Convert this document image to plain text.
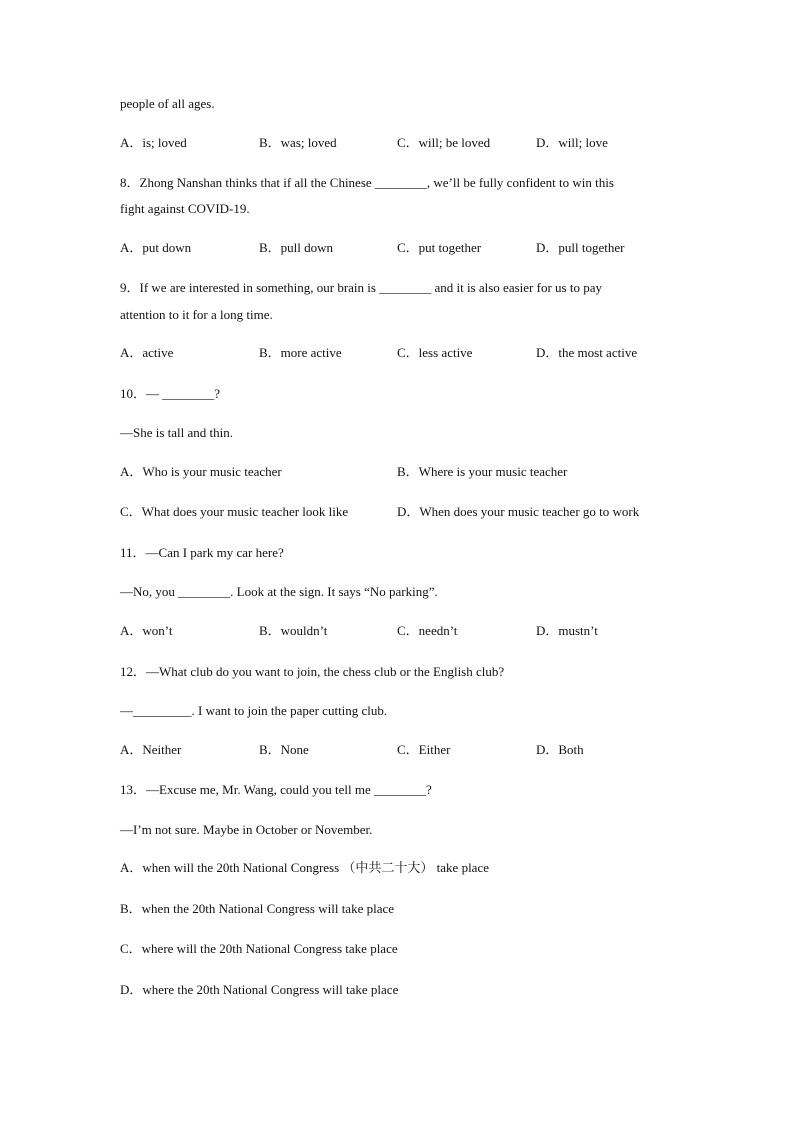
people of all ages.
A．is; loved	B．was; loved	C．will; be loved	D．will; love
8．Zhong Nanshan thinks that if all the Chinese ________, we’ll be fully confident to win this
fight against COVID-19.
A．put down	B．pull down	C．put together	D．pull together
9．If we are interested in something, our brain is ________ and it is also easier for us to pay
attention to it for a long time.
A．active	B．more active	C．less active	D．the most active
10．— ________?
—She is tall and thin.
A．Who is your music teacher	B．Where is your music teacher
C．What does your music teacher look like	D．When does your music teacher go to work
11．—Can I park my car here?
—No, you ________. Look at the sign. It says “No parking”.
A．won’t	B．wouldn’t	C．needn’t	D．mustn’t
12．—What club do you want to join, the chess club or the English club?
—_________. I want to join the paper cutting club.
A．Neither	B．None	C．Either	D．Both
13．—Excuse me, Mr. Wang, could you tell me ________?
—I’m not sure. Maybe in October or November.
A．when will the 20th National Congress （中共二十大） take place
B．when the 20th National Congress will take place
C．where will the 20th National Congress take place
D．where the 20th National Congress will take place
